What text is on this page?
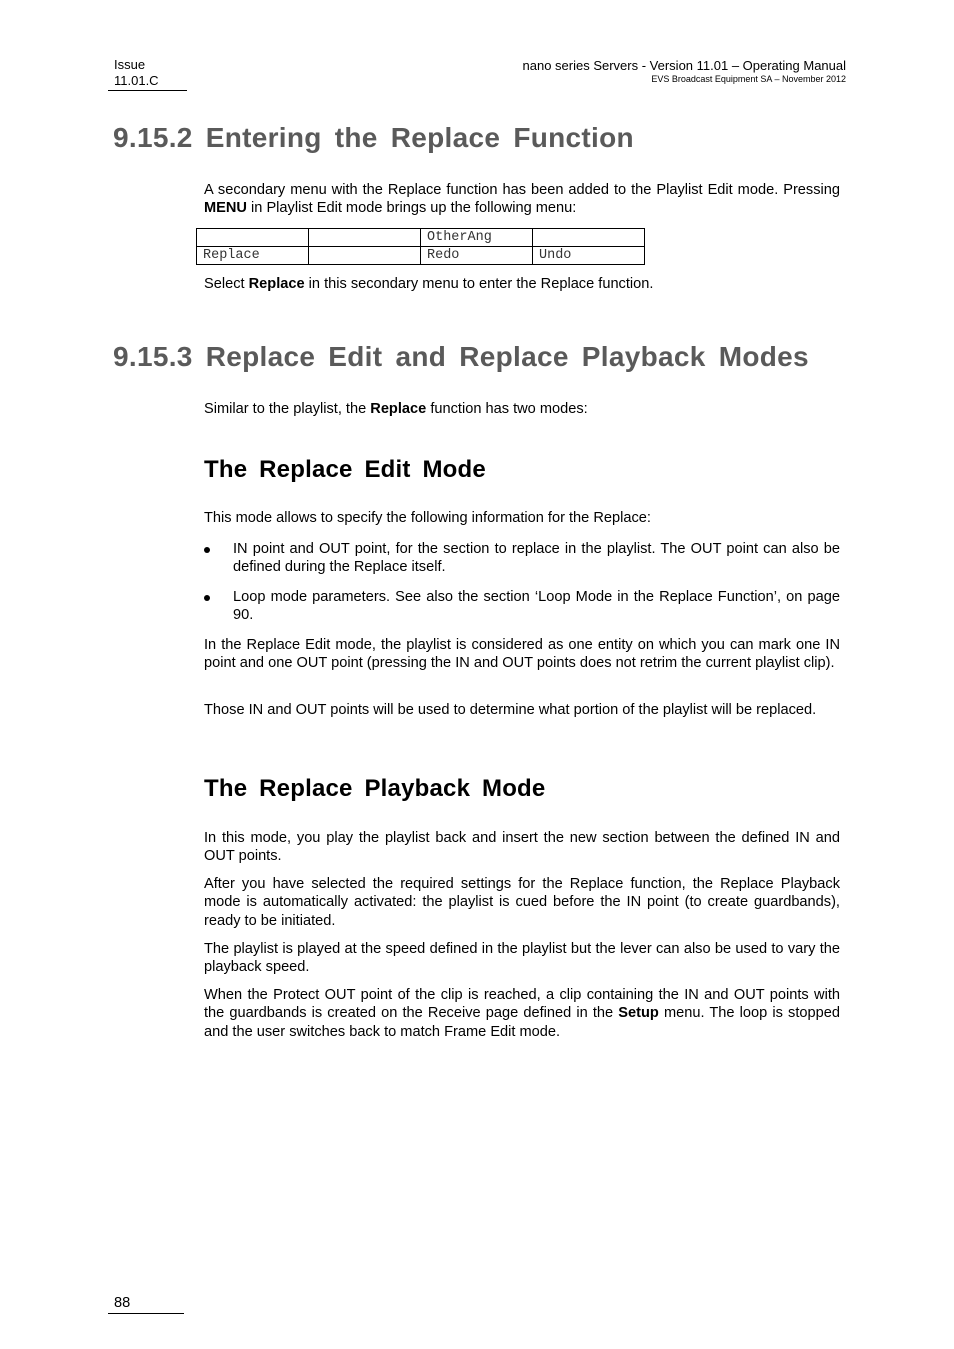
Issue
11.01.C
nano series Servers - Version 11.01 – Operating Manual
EVS Broadcast Equipment SA – November 2012
9.15.2 Entering the Replace Function

A secondary menu with the Replace function has been added to the Playlist Edit mode. Pressing MENU in Playlist Edit mode brings up the following menu:

		OtherAng	
Replace		Redo	Undo

Select Replace in this secondary menu to enter the Replace function.

9.15.3 Replace Edit and Replace Playback Modes

Similar to the playlist, the Replace function has two modes:

The Replace Edit Mode

This mode allows to specify the following information for the Replace:

IN point and OUT point, for the section to replace in the playlist. The OUT point can also be defined during the Replace itself.
Loop mode parameters. See also the section ‘Loop Mode in the Replace Function’, on page 90.

In the Replace Edit mode, the playlist is considered as one entity on which you can mark one IN point and one OUT point (pressing the IN and OUT points does not retrim the current playlist clip).

Those IN and OUT points will be used to determine what portion of the playlist will be replaced.

The Replace Playback Mode

In this mode, you play the playlist back and insert the new section between the defined IN and OUT points.

After you have selected the required settings for the Replace function, the Replace Playback mode is automatically activated: the playlist is cued before the IN point (to create guardbands), ready to be initiated.

The playlist is played at the speed defined in the playlist but the lever can also be used to vary the playback speed.

When the Protect OUT point of the clip is reached, a clip containing the IN and OUT points with the guardbands is created on the Receive page defined in the Setup menu. The loop is stopped and the user switches back to match Frame Edit mode.

88
